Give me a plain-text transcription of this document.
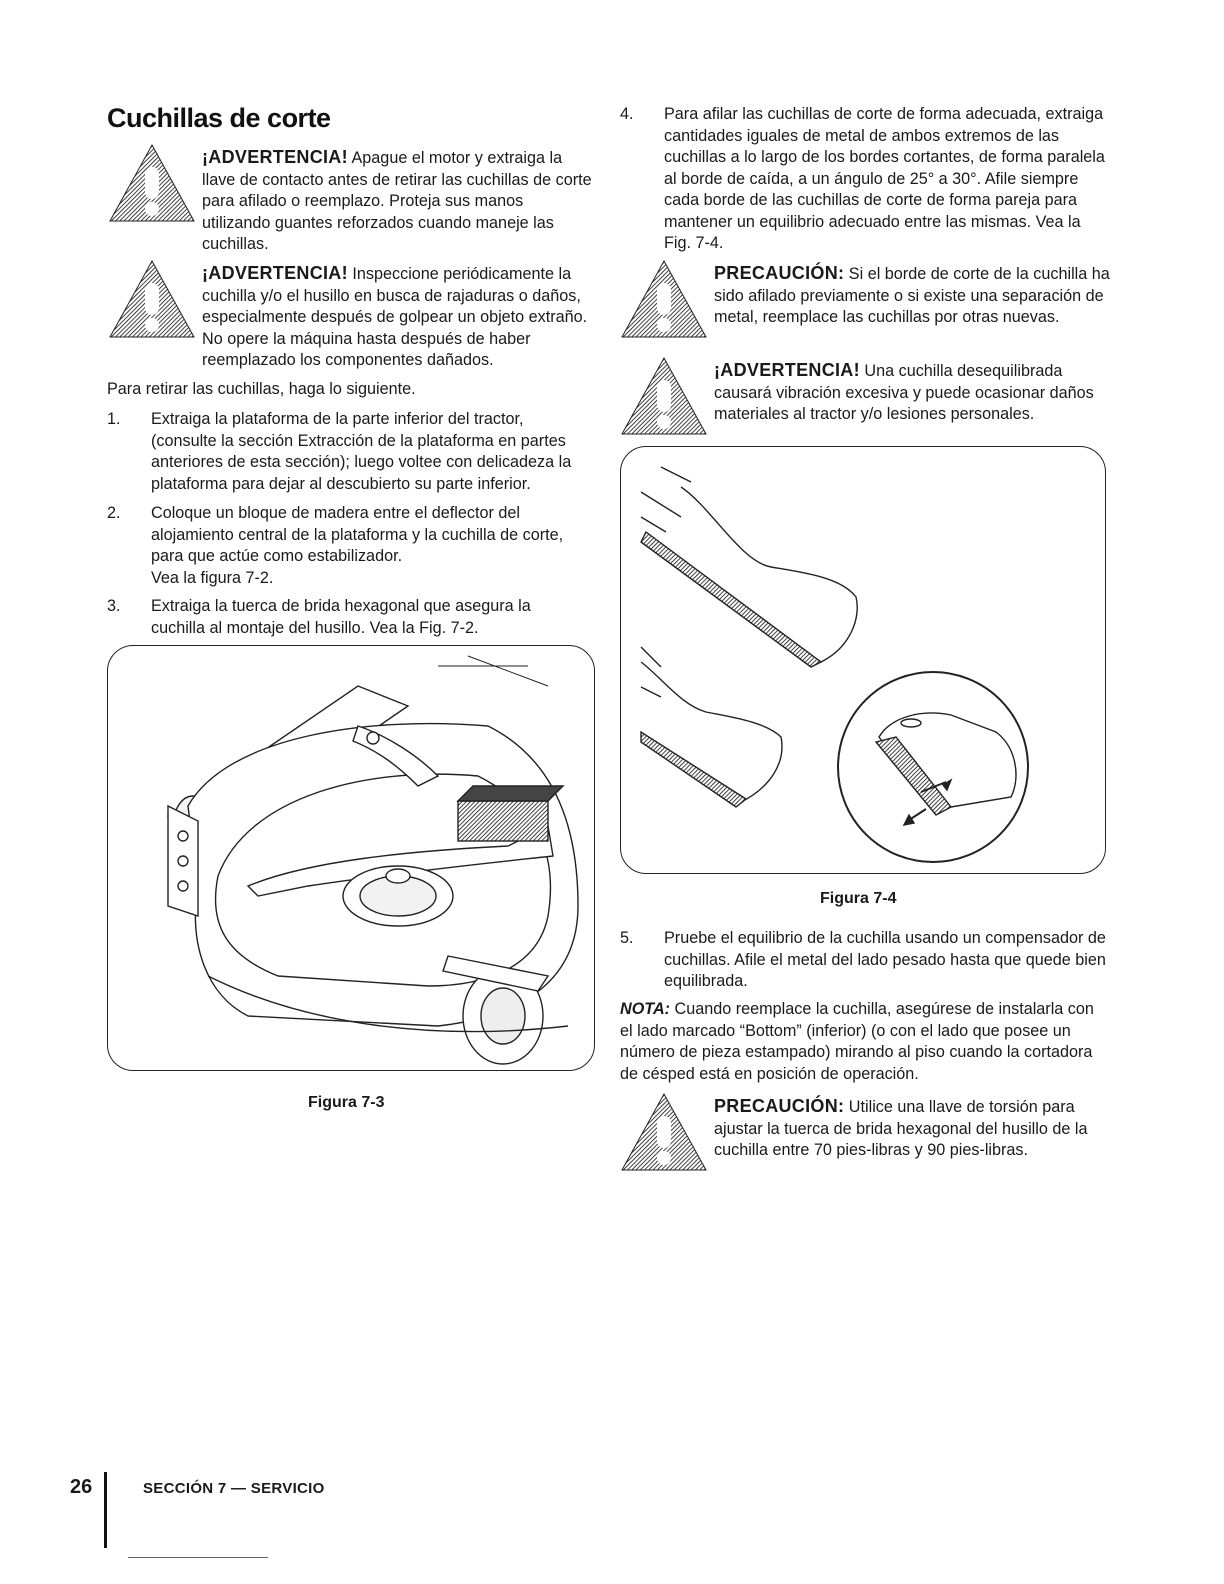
Cuchillas de corte
¡ADVERTENCIA! Apague el motor y extraiga la llave de contacto antes de retirar las cuchillas de corte para afilado o reemplazo. Proteja sus manos utilizando guantes reforzados cuando maneje las cuchillas.
¡ADVERTENCIA! Inspeccione periódicamente la cuchilla y/o el husillo en busca de rajaduras o daños, especialmente después de golpear un objeto extraño. No opere la máquina hasta después de haber reemplazado los componentes dañados.
Para retirar las cuchillas, haga lo siguiente.
1. Extraiga la plataforma de la parte inferior del tractor, (consulte la sección Extracción de la plataforma en partes anteriores de esta sección); luego voltee con delicadeza la plataforma para dejar al descubierto su parte inferior.
2. Coloque un bloque de madera entre el deflector del alojamiento central de la plataforma y la cuchilla de corte, para que actúe como estabilizador.
Vea la figura 7-2.
3. Extraiga la tuerca de brida hexagonal que asegura la cuchilla al montaje del husillo. Vea la Fig. 7-2.
Figura 7-3
4. Para afilar las cuchillas de corte de forma adecuada, extraiga cantidades iguales de metal de ambos extremos de las cuchillas a lo largo de los bordes cortantes, de forma paralela al borde de caída, a un ángulo de 25° a 30°. Afile siempre cada borde de las cuchillas de corte de forma pareja para mantener un equilibrio adecuado entre las mismas. Vea la Fig. 7-4.
PRECAUCIÓN: Si el borde de corte de la cuchilla ha sido afilado previamente o si existe una separación de metal, reemplace las cuchillas por otras nuevas.
¡ADVERTENCIA! Una cuchilla desequilibrada causará vibración excesiva y puede ocasionar daños materiales al tractor y/o lesiones personales.
Figura 7-4
5. Pruebe el equilibrio de la cuchilla usando un compensador de cuchillas. Afile el metal del lado pesado hasta que quede bien equilibrada.
NOTA: Cuando reemplace la cuchilla, asegúrese de instalarla con el lado marcado “Bottom” (inferior) (o con el lado que posee un número de pieza estampado) mirando al piso cuando la cortadora de césped está en posición de operación.
PRECAUCIÓN: Utilice una llave de torsión para ajustar la tuerca de brida hexagonal del husillo de la cuchilla entre 70 pies-libras y 90 pies-libras.
26	SECCIÓN 7 — SERVICIO
